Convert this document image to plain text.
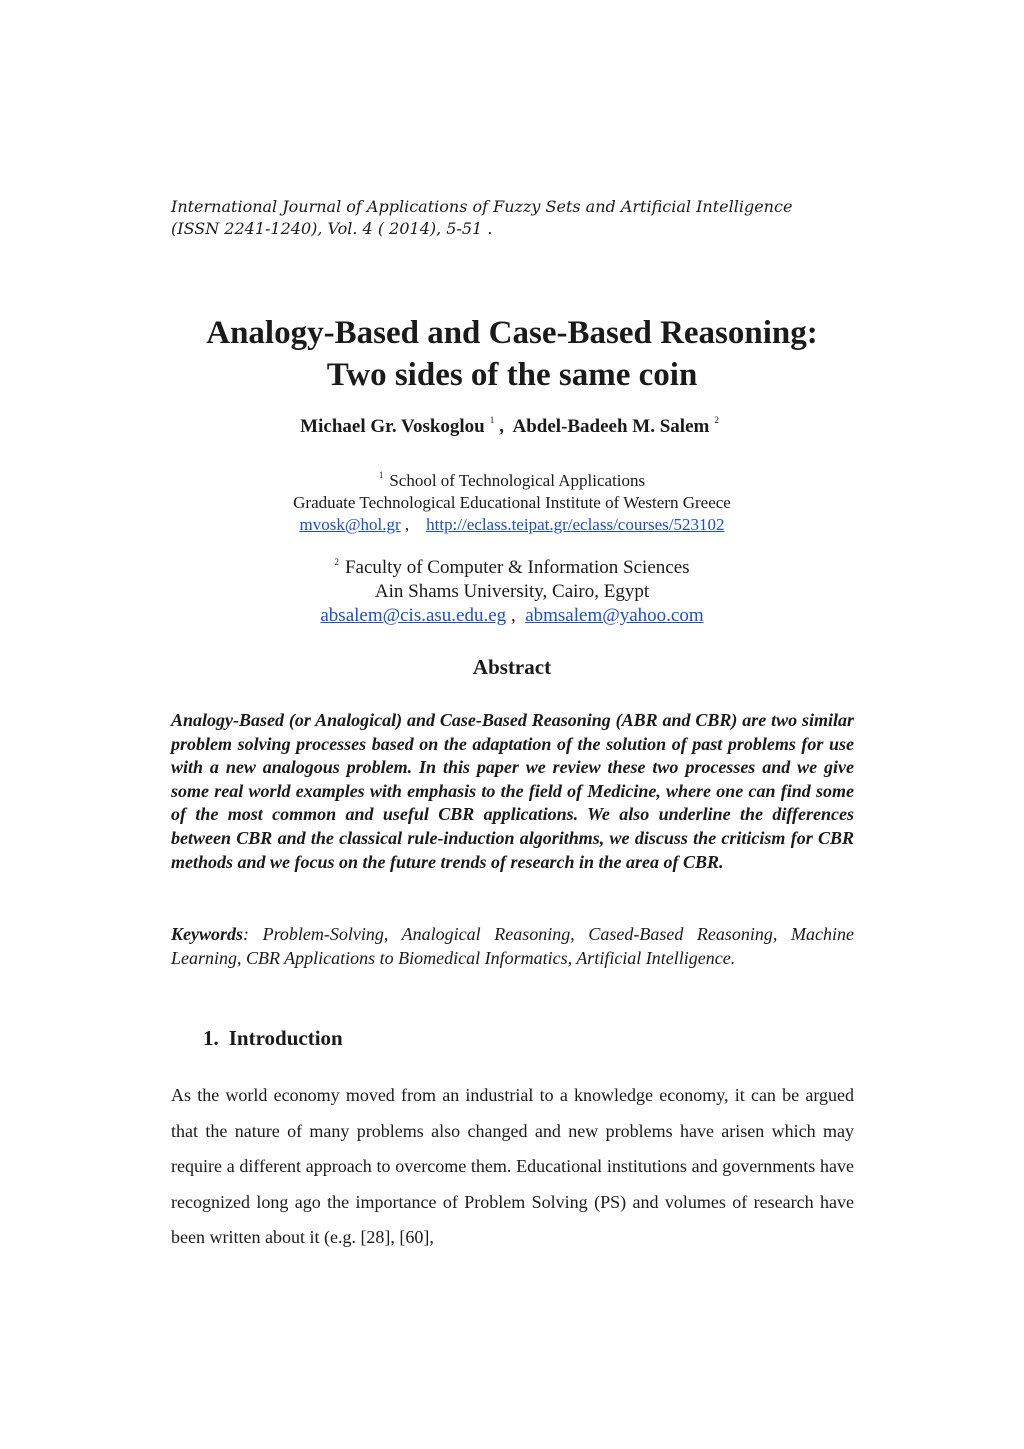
International Journal of Applications of Fuzzy Sets and Artificial Intelligence
(ISSN 2241-1240), Vol. 4 ( 2014), 5-51 .
Analogy-Based and Case-Based Reasoning:
Two sides of the same coin
Michael Gr. Voskoglou $^1$ , Abdel-Badeeh M. Salem $^2$
$^1$ School of Technological Applications
Graduate Technological Educational Institute of Western Greece
mvosk@hol.gr , http://eclass.teipat.gr/eclass/courses/523102
$^2$ Faculty of Computer & Information Sciences
Ain Shams University, Cairo, Egypt
absalem@cis.asu.edu.eg , abmsalem@yahoo.com
Abstract
Analogy-Based (or Analogical) and Case-Based Reasoning (ABR and CBR) are two similar problem solving processes based on the adaptation of the solution of past problems for use with a new analogous problem. In this paper we review these two processes and we give some real world examples with emphasis to the field of Medicine, where one can find some of the most common and useful CBR applications. We also underline the differences between CBR and the classical rule-induction algorithms, we discuss the criticism for CBR methods and we focus on the future trends of research in the area of CBR.
Keywords: Problem-Solving, Analogical Reasoning, Cased-Based Reasoning, Machine Learning, CBR Applications to Biomedical Informatics, Artificial Intelligence.
1. Introduction
As the world economy moved from an industrial to a knowledge economy, it can be argued that the nature of many problems also changed and new problems have arisen which may require a different approach to overcome them. Educational institutions and governments have recognized long ago the importance of Problem Solving (PS) and volumes of research have been written about it (e.g. [28], [60],
